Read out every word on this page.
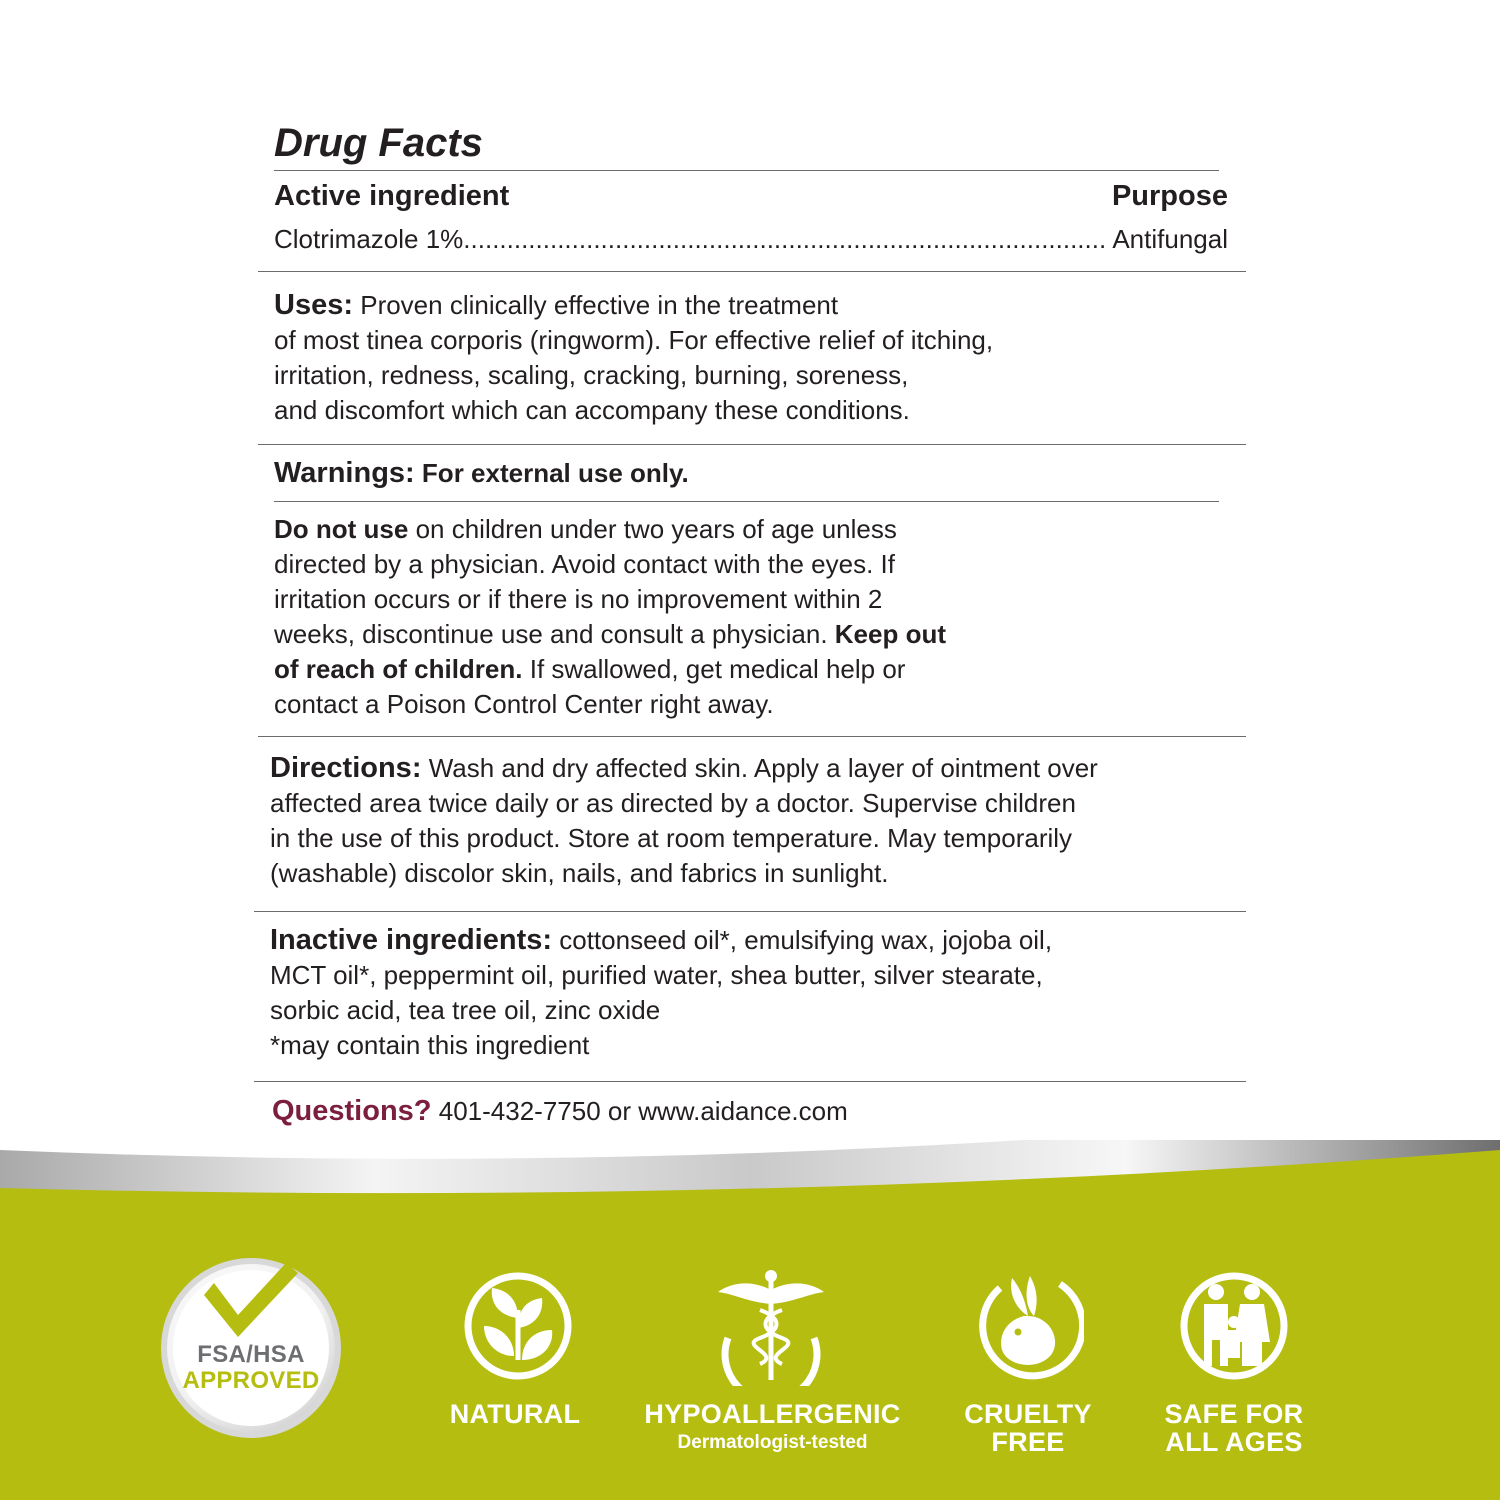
Drug Facts
Active ingredient	Purpose
Clotrimazole 1%
.....	Antifungal

Uses: Proven clinically effective in the treatment
of most tinea corporis (ringworm). For effective relief of itching,
irritation, redness, scaling, cracking, burning, soreness,
and discomfort which can accompany these conditions.

Warnings: For external use only.

Do not use on children under two years of age unless
directed by a physician. Avoid contact with the eyes. If
irritation occurs or if there is no improvement within 2
weeks, discontinue use and consult a physician. Keep out
of reach of children. If swallowed, get medical help or
contact a Poison Control Center right away.

Directions: Wash and dry affected skin. Apply a layer of ointment over
affected area twice daily or as directed by a doctor. Supervise children
in the use of this product. Store at room temperature. May temporarily
(washable) discolor skin, nails, and fabrics in sunlight.

Inactive ingredients: cottonseed oil*, emulsifying wax, jojoba oil,
MCT oil*, peppermint oil, purified water, shea butter, silver stearate,
sorbic acid, tea tree oil, zinc oxide
*may contain this ingredient

Questions? 401-432-7750 or www.aidance.com

FSA/HSA
APPROVED
NATURAL	HYPOALLERGENIC
Dermatologist-tested
CRUELTY
FREE
SAFE FOR
ALL AGES
